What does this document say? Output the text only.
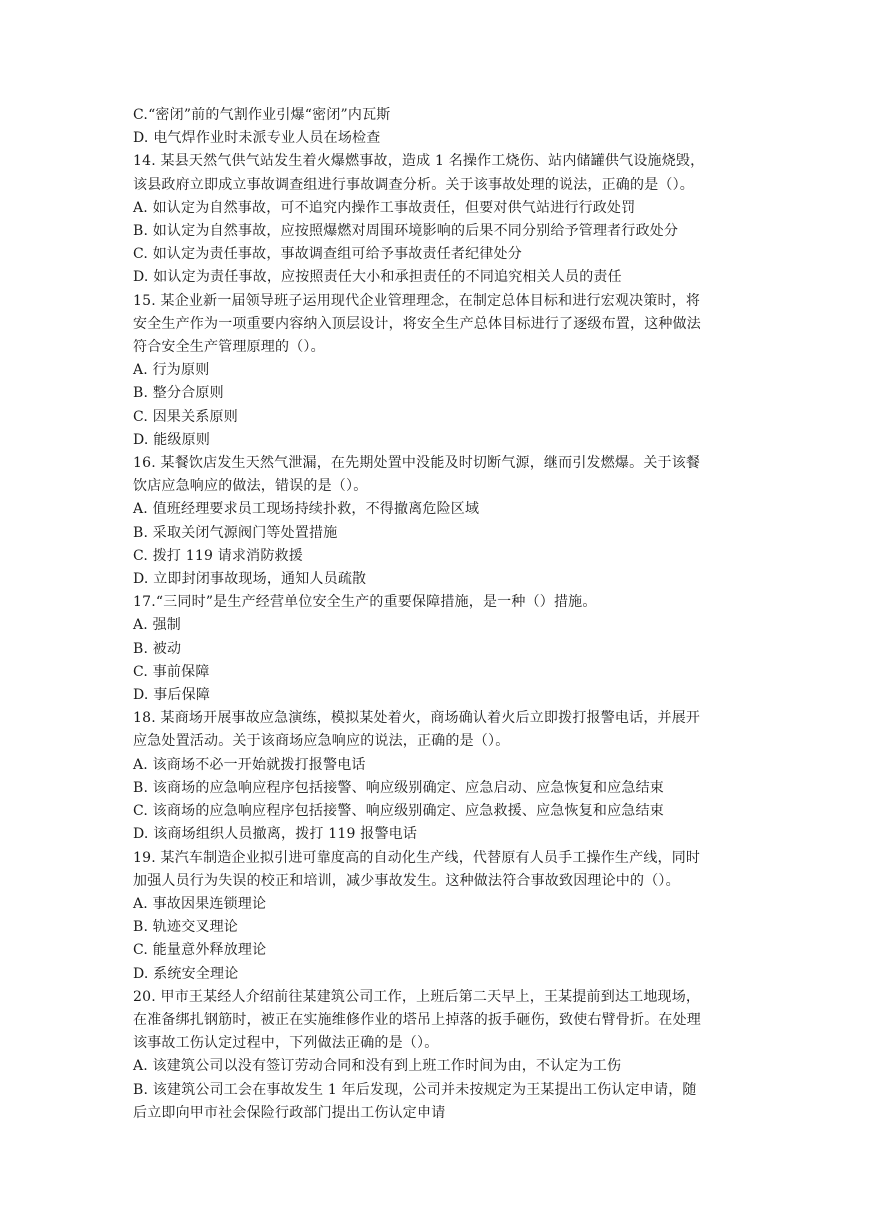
C.“密闭”前的气割作业引爆“密闭”内瓦斯
D. 电气焊作业时未派专业人员在场检查
14. 某县天然气供气站发生着火爆燃事故，造成 1 名操作工烧伤、站内储罐供气设施烧毁，
该县政府立即成立事故调查组进行事故调查分析。关于该事故处理的说法，正确的是（）。
A. 如认定为自然事故，可不追究内操作工事故责任，但要对供气站进行行政处罚
B. 如认定为自然事故，应按照爆燃对周围环境影响的后果不同分别给予管理者行政处分
C. 如认定为责任事故，事故调查组可给予事故责任者纪律处分
D. 如认定为责任事故，应按照责任大小和承担责任的不同追究相关人员的责任
15. 某企业新一届领导班子运用现代企业管理理念，在制定总体目标和进行宏观决策时，将
安全生产作为一项重要内容纳入顶层设计，将安全生产总体目标进行了逐级布置，这种做法
符合安全生产管理原理的（）。
A. 行为原则
B. 整分合原则
C. 因果关系原则
D. 能级原则
16. 某餐饮店发生天然气泄漏，在先期处置中没能及时切断气源，继而引发燃爆。关于该餐
饮店应急响应的做法，错误的是（）。
A. 值班经理要求员工现场持续扑救，不得撤离危险区域
B. 采取关闭气源阀门等处置措施
C. 拨打 119 请求消防救援
D. 立即封闭事故现场，通知人员疏散
17.“三同时”是生产经营单位安全生产的重要保障措施，是一种（）措施。
A. 强制
B. 被动
C. 事前保障
D. 事后保障
18. 某商场开展事故应急演练，模拟某处着火，商场确认着火后立即拨打报警电话，并展开
应急处置活动。关于该商场应急响应的说法，正确的是（）。
A. 该商场不必一开始就拨打报警电话
B. 该商场的应急响应程序包括接警、响应级别确定、应急启动、应急恢复和应急结束
C. 该商场的应急响应程序包括接警、响应级别确定、应急救援、应急恢复和应急结束
D. 该商场组织人员撤离，拨打 119 报警电话
19. 某汽车制造企业拟引进可靠度高的自动化生产线，代替原有人员手工操作生产线，同时
加强人员行为失误的校正和培训，减少事故发生。这种做法符合事故致因理论中的（）。
A. 事故因果连锁理论
B. 轨迹交叉理论
C. 能量意外释放理论
D. 系统安全理论
20. 甲市王某经人介绍前往某建筑公司工作，上班后第二天早上，王某提前到达工地现场，
在准备绑扎钢筋时，被正在实施维修作业的塔吊上掉落的扳手砸伤，致使右臂骨折。在处理
该事故工伤认定过程中，下列做法正确的是（）。
A. 该建筑公司以没有签订劳动合同和没有到上班工作时间为由，不认定为工伤
B. 该建筑公司工会在事故发生 1 年后发现，公司并未按规定为王某提出工伤认定申请，随
后立即向甲市社会保险行政部门提出工伤认定申请
